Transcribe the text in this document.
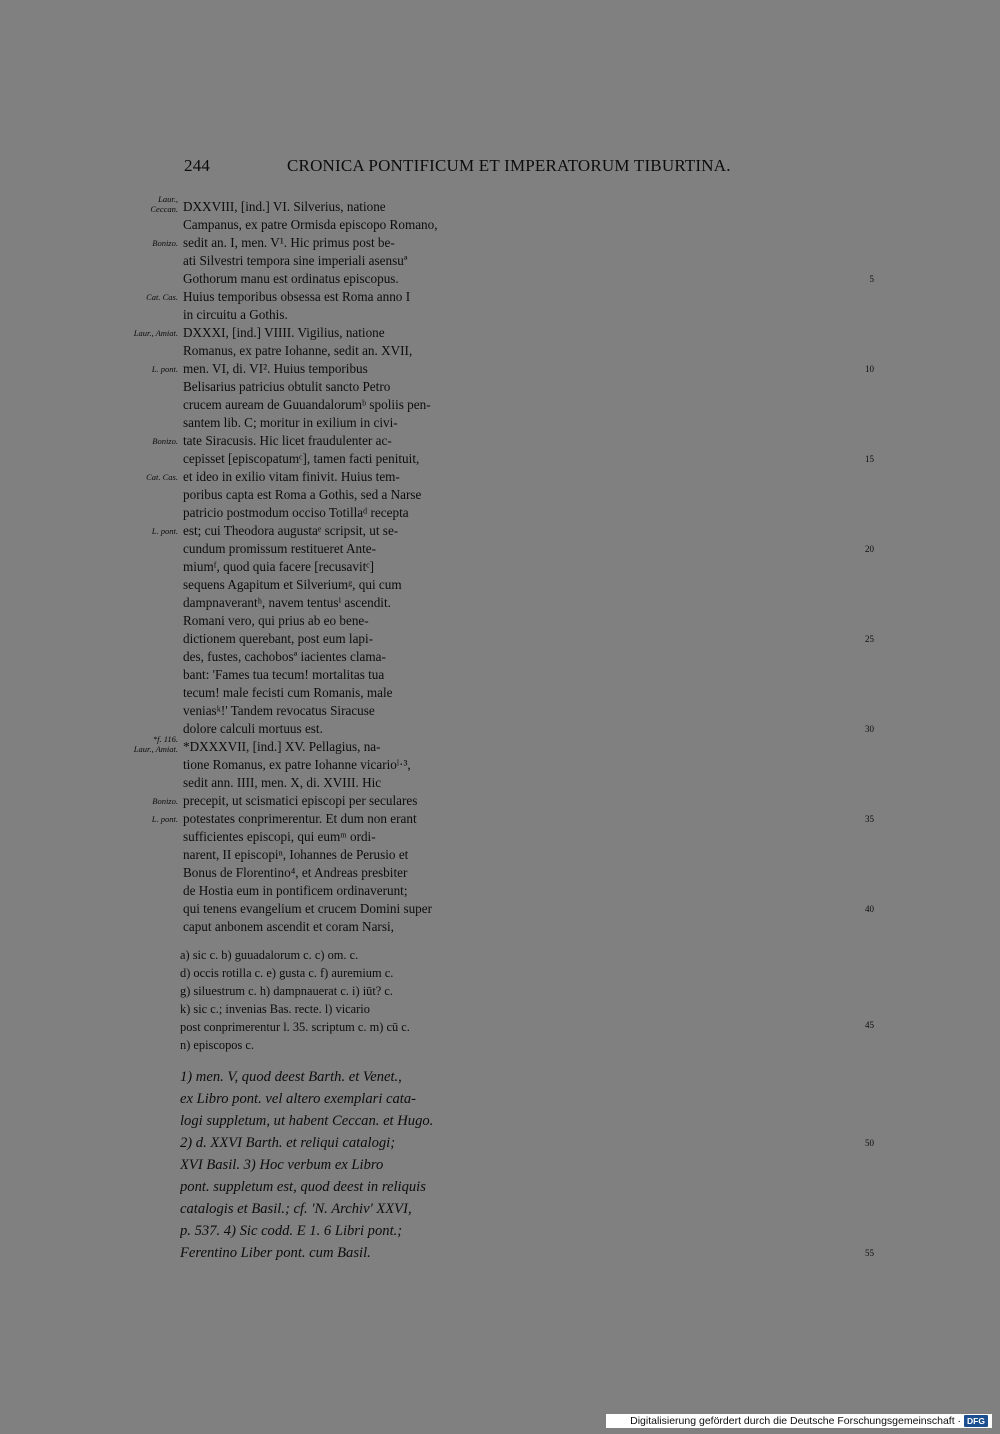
244	CRONICA PONTIFICUM ET IMPERATORUM TIBURTINA.
Laur.,
Ceccan.
Bonizo.
Cat. Cas.
Laur., Amiat.
L. pont.
Bonizo.
Cat. Cas.
L. pont.
*f. 116.
Laur., Amiat.
Bonizo.
L. pont.
DXXVIII, [ind.] VI. Silverius, natione
Campanus, ex patre Ormisda episcopo Romano,
sedit an. I, men. V¹. Hic primus post be-
ati Silvestri tempora sine imperiali asensuª
Gothorum manu est ordinatus episcopus.
Huius temporibus obsessa est Roma anno I
in circuitu a Gothis.
DXXXI, [ind.] VIIII. Vigilius, natione
Romanus, ex patre Iohanne, sedit an. XVII,
men. VI, di. VI². Huius temporibus
Belisarius patricius obtulit sancto Petro
crucem auream de Guuandalorumᵇ spoliis pen-
santem lib. C; moritur in exilium in civi-
tate Siracusis. Hic licet fraudulenter ac-
cepisset [episcopatumᶜ], tamen facti penituit,
et ideo in exilio vitam finivit. Huius tem-
poribus capta est Roma a Gothis, sed a Narse
patricio postmodum occiso Totillaᵈ recepta
est; cui Theodora augustaᵉ scripsit, ut se-
cundum promissum restitueret Ante-
miumᶠ, quod quia facere [recusavitᶜ]
sequens Agapitum et Silveriumᵍ, qui cum
dampnaverantʰ, navem tentusⁱ ascendit.
Romani vero, qui prius ab eo bene-
dictionem querebant, post eum lapi-
des, fustes, cachobosª iacientes clama-
bant: 'Fames tua tecum! mortalitas tua
tecum! male fecisti cum Romanis, male
veniasᵏ!' Tandem revocatus Siracuse
dolore calculi mortuus est.
*DXXXVII, [ind.] XV. Pellagius, na-
tione Romanus, ex patre Iohanne vicarioˡ·³,
sedit ann. IIII, men. X, di. XVIII. Hic
precepit, ut scismatici episcopi per seculares
potestates conprimerentur. Et dum non erant
sufficientes episcopi, qui eumᵐ ordi-
narent, II episcopiⁿ, Iohannes de Perusio et
Bonus de Florentino⁴, et Andreas presbiter
de Hostia eum in pontificem ordinaverunt;
qui tenens evangelium et crucem Domini super
caput anbonem ascendit et coram Narsi,
5
10
15
20
25
30
35
40
a) sic c. b) guuadalorum c. c) om. c.
d) occis rotilla c. e) gusta c. f) auremium c.
g) siluestrum c. h) dampnauerat c. i) iūt? c.
k) sic c.; invenias Bas. recte. l) vicario
post conprimerentur l. 35. scriptum c. m) cū c.
n) episcopos c.
45
1) men. V, quod deest Barth. et Venet.,
ex Libro pont. vel altero exemplari cata-
logi suppletum, ut habent Ceccan. et Hugo.
2) d. XXVI Barth. et reliqui catalogi;
XVI Basil. 3) Hoc verbum ex Libro
pont. suppletum est, quod deest in reliquis
catalogis et Basil.; cf. 'N. Archiv' XXVI,
p. 537. 4) Sic codd. E 1. 6 Libri pont.;
Ferentino Liber pont. cum Basil.
50
55
Digitalisierung gefördert durch die Deutsche Forschungsgemeinschaft · DFG
